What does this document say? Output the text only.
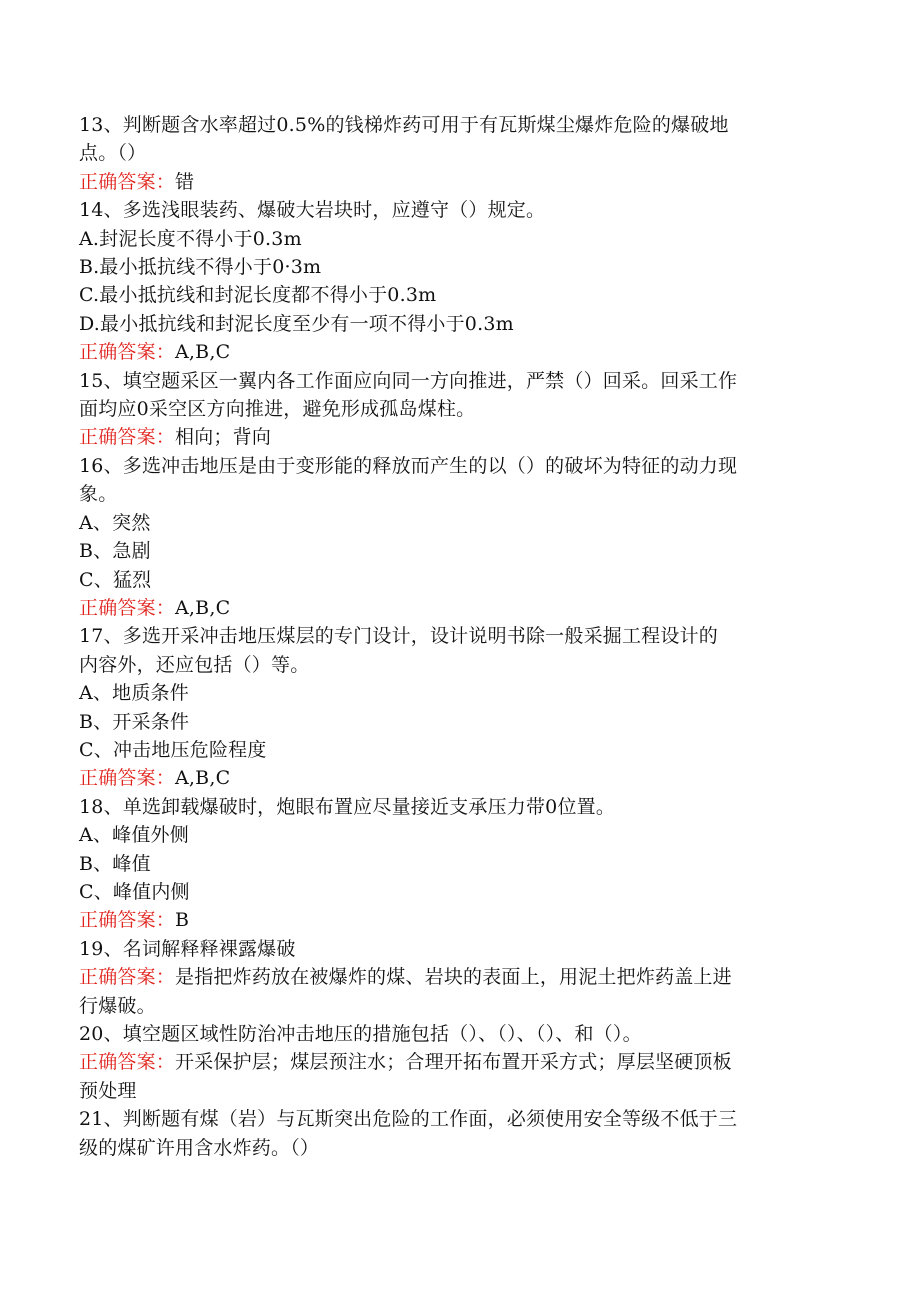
13、判断题含水率超过0.5%的钱梯炸药可用于有瓦斯煤尘爆炸危险的爆破地
点。（）
正确答案：错
14、多选浅眼装药、爆破大岩块时，应遵守（）规定。
A.封泥长度不得小于0.3m
B.最小抵抗线不得小于0·3m
C.最小抵抗线和封泥长度都不得小于0.3m
D.最小抵抗线和封泥长度至少有一项不得小于0.3m
正确答案：A,B,C
15、填空题采区一翼内各工作面应向同一方向推进，严禁（）回采。回采工作
面均应0采空区方向推进，避免形成孤岛煤柱。
正确答案：相向；背向
16、多选冲击地压是由于变形能的释放而产生的以（）的破坏为特征的动力现
象。
A、突然
B、急剧
C、猛烈
正确答案：A,B,C
17、多选开采冲击地压煤层的专门设计，设计说明书除一般采掘工程设计的
内容外，还应包括（）等。
A、地质条件
B、开采条件
C、冲击地压危险程度
正确答案：A,B,C
18、单选卸载爆破时，炮眼布置应尽量接近支承压力带0位置。
A、峰值外侧
B、峰值
C、峰值内侧
正确答案：B
19、名词解释释裸露爆破
正确答案：是指把炸药放在被爆炸的煤、岩块的表面上，用泥土把炸药盖上进
行爆破。
20、填空题区域性防治冲击地压的措施包括（）、（）、（）、和（）。
正确答案：开采保护层；煤层预注水；合理开拓布置开采方式；厚层坚硬顶板
预处理
21、判断题有煤（岩）与瓦斯突出危险的工作面，必须使用安全等级不低于三
级的煤矿许用含水炸药。（）
